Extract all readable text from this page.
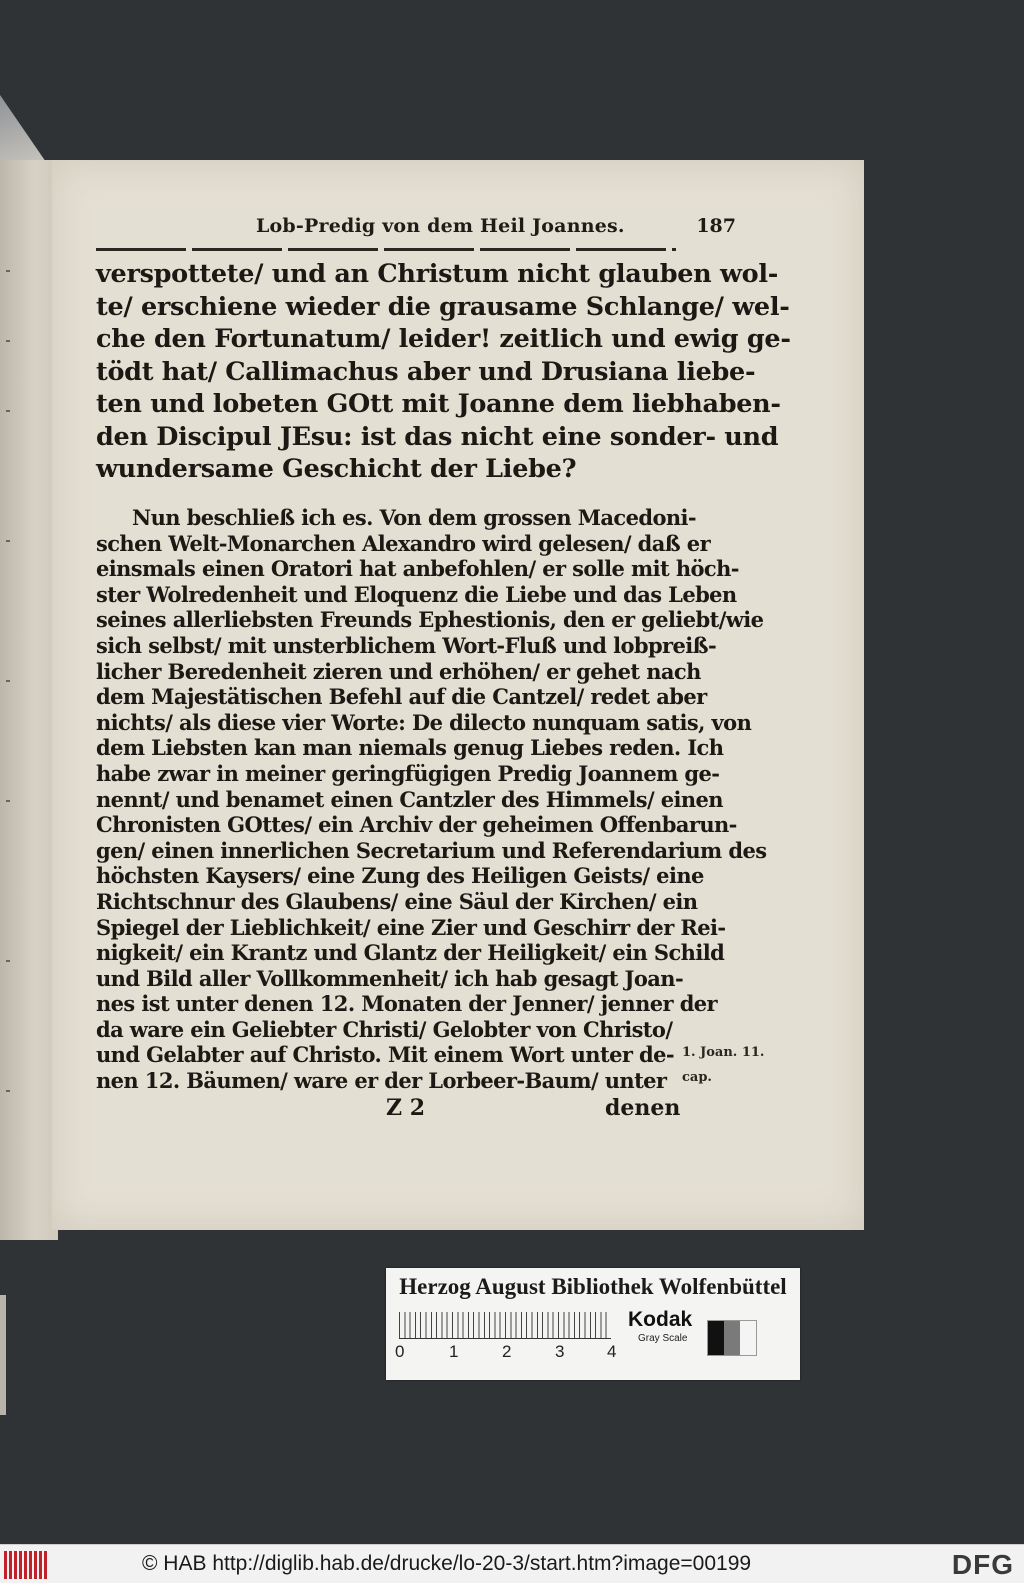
Lob-Predig von dem Heil Joannes.	187
verspottete/ und an Christum nicht glauben wol-
te/ erschiene wieder die grausame Schlange/ wel-
che den Fortunatum/ leider! zeitlich und ewig ge-
tödt hat/ Callimachus aber und Drusiana liebe-
ten und lobeten GOtt mit Joanne dem liebhaben-
den Discipul JEsu: ist das nicht eine sonder- und
wundersame Geschicht der Liebe?
Nun beschließ ich es. Von dem grossen Macedoni-
schen Welt-Monarchen Alexandro wird gelesen/ daß er
einsmals einen Oratori hat anbefohlen/ er solle mit höch-
ster Wolredenheit und Eloquenz die Liebe und das Leben
seines allerliebsten Freunds Ephestionis, den er geliebt/wie
sich selbst/ mit unsterblichem Wort-Fluß und lobpreiß-
licher Beredenheit zieren und erhöhen/ er gehet nach
dem Majestätischen Befehl auf die Cantzel/ redet aber
nichts/ als diese vier Worte: De dilecto nunquam satis, von
dem Liebsten kan man niemals genug Liebes reden. Ich
habe zwar in meiner geringfügigen Predig Joannem ge-
nennt/ und benamet einen Cantzler des Himmels/ einen
Chronisten GOttes/ ein Archiv der geheimen Offenbarun-
gen/ einen innerlichen Secretarium und Referendarium des
höchsten Kaysers/ eine Zung des Heiligen Geists/ eine
Richtschnur des Glaubens/ eine Säul der Kirchen/ ein
Spiegel der Lieblichkeit/ eine Zier und Geschirr der Rei-
nigkeit/ ein Krantz und Glantz der Heiligkeit/ ein Schild
und Bild aller Vollkommenheit/ ich hab gesagt Joan-
nes ist unter denen 12. Monaten der Jenner/ jenner der
da ware ein Geliebter Christi/ Gelobter von Christo/
und Gelabter auf Christo. Mit einem Wort unter de-
nen 12. Bäumen/ ware er der Lorbeer-Baum/ unter
1. Joan. 11.
cap.
Z 2	denen
Herzog August Bibliothek Wolfenbüttel
0	1	2	3	4
Kodak
Gray Scale
© HAB http://diglib.hab.de/drucke/lo-20-3/start.htm?image=00199	DFG
